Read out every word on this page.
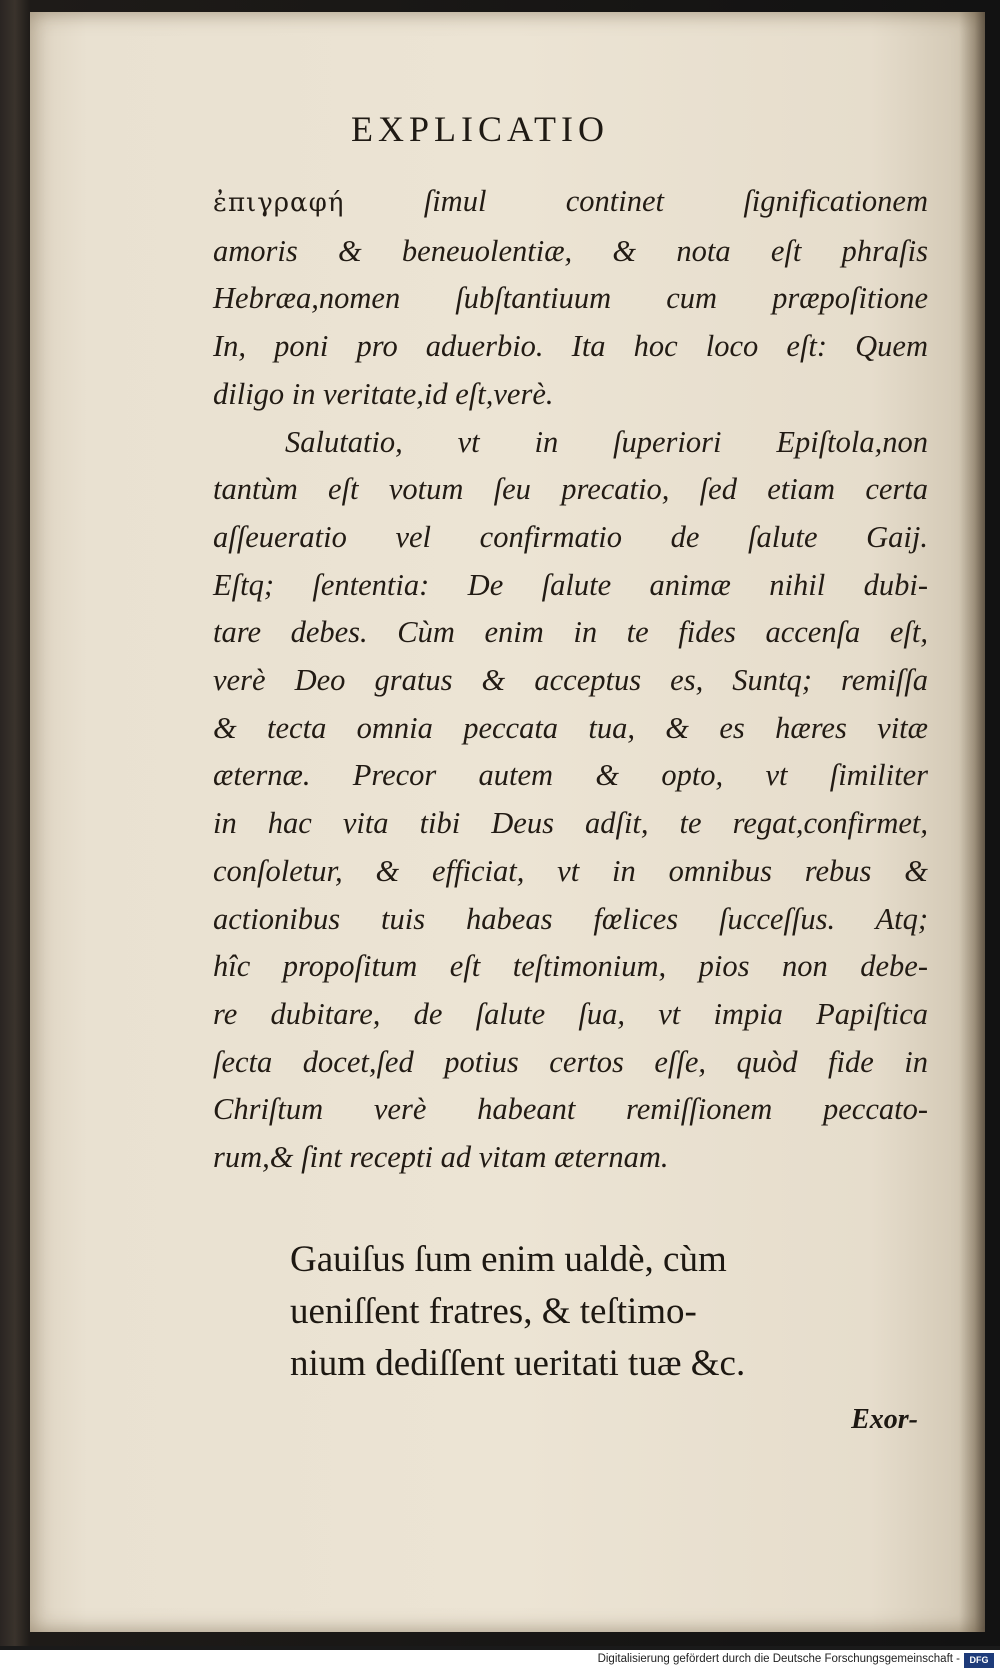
EXPLICATIO
ἐπιγραφή ſimul continet ſignificationem
amoris & beneuolentiæ, & nota eſt phraſis
Hebræa,nomen ſubſtantiuum cum præpoſitione
In, poni pro aduerbio. Ita hoc loco eſt: Quem
diligo in veritate,id eſt,verè.
Salutatio, vt in ſuperiori Epiſtola,non
tantùm eſt votum ſeu precatio, ſed etiam certa
aſſeueratio vel confirmatio de ſalute Gaij.
Eſtq; ſententia: De ſalute animæ nihil dubi-
tare debes. Cùm enim in te fides accenſa eſt,
verè Deo gratus & acceptus es, Suntq; remiſſa
& tecta omnia peccata tua, & es hæres vitæ
æternæ. Precor autem & opto, vt ſimiliter
in hac vita tibi Deus adſit, te regat,confirmet,
conſoletur, & efficiat, vt in omnibus rebus &
actionibus tuis habeas fœlices ſucceſſus. Atq;
hîc propoſitum eſt teſtimonium, pios non debe-
re dubitare, de ſalute ſua, vt impia Papiſtica
ſecta docet,ſed potius certos eſſe, quòd fide in
Chriſtum verè habeant remiſſionem peccato-
rum,& ſint recepti ad vitam æternam.
Gauiſus ſum enim ualdè, cùm
ueniſſent fratres, & teſtimo-
nium dediſſent ueritati tuæ &c.
Exor-
Digitalisierung gefördert durch die Deutsche Forschungsgemeinschaft -	DFG
